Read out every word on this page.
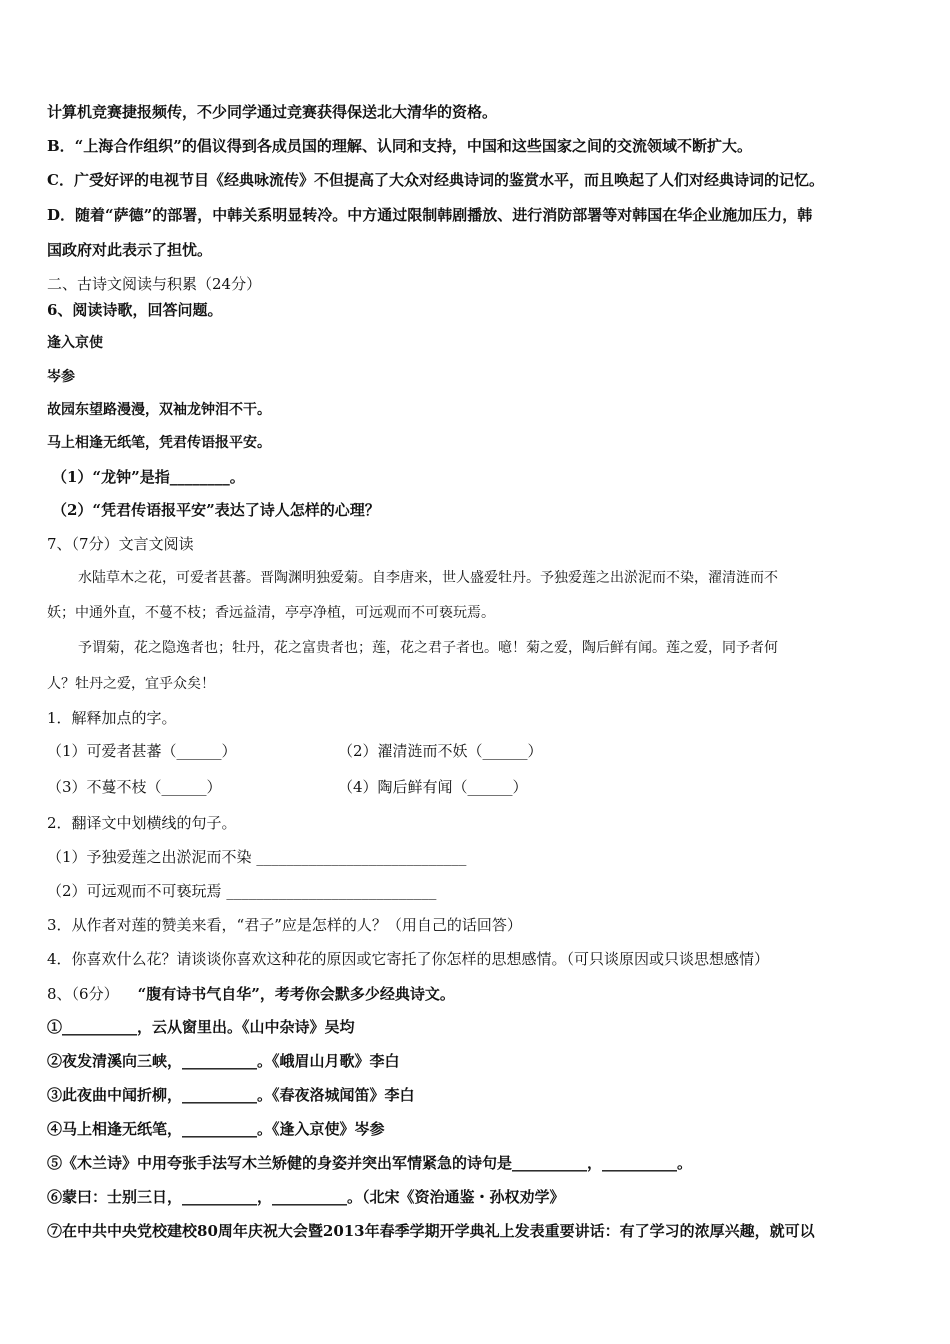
计算机竞赛捷报频传，不少同学通过竞赛获得保送北大清华的资格。
B．“上海合作组织”的倡议得到各成员国的理解、认同和支持，中国和这些国家之间的交流领域不断扩大。
C．广受好评的电视节目《经典咏流传》不但提高了大众对经典诗词的鉴赏水平，而且唤起了人们对经典诗词的记忆。
D．随着“萨德”的部署，中韩关系明显转冷。中方通过限制韩剧播放、进行消防部署等对韩国在华企业施加压力，韩
国政府对此表示了担忧。
二、古诗文阅读与积累（24分）
6、阅读诗歌，回答问题。
逢入京使
岑参
故园东望路漫漫，双袖龙钟泪不干。
马上相逢无纸笔，凭君传语报平安。
（1）“龙钟”是指________。
（2）“凭君传语报平安”表达了诗人怎样的心理？
7、（7分）文言文阅读
水陆草木之花，可爱者甚蕃。晋陶渊明独爱菊。自李唐来，世人盛爱牡丹。予独爱莲之出淤泥而不染，濯清涟而不
妖；中通外直，不蔓不枝；香远益清，亭亭净植，可远观而不可亵玩焉。
予谓菊，花之隐逸者也；牡丹，花之富贵者也；莲，花之君子者也。噫！菊之爱，陶后鲜有闻。莲之爱，同予者何
人？牡丹之爱，宜乎众矣！
1．解释加点的字。
（1）可爱者甚蕃（______）	（2）濯清涟而不妖（______）
（3）不蔓不枝（______）	（4）陶后鲜有闻（______）
2．翻译文中划横线的句子。
（1）予独爱莲之出淤泥而不染 ____________________________
（2）可远观而不可亵玩焉 ____________________________
3．从作者对莲的赞美来看，“君子”应是怎样的人？（用自己的话回答）
4．你喜欢什么花？请谈谈你喜欢这种花的原因或它寄托了你怎样的思想感情。（可只谈原因或只谈思想感情）
8、（6分） “腹有诗书气自华”，考考你会默多少经典诗文。
①__________，云从窗里出。《山中杂诗》吴均
②夜发清溪向三峡，__________。《峨眉山月歌》李白
③此夜曲中闻折柳，__________。《春夜洛城闻笛》李白
④马上相逢无纸笔，__________。《逢入京使》岑参
⑤《木兰诗》中用夸张手法写木兰矫健的身姿并突出军情紧急的诗句是__________，__________。
⑥蒙曰：士别三日，__________，__________。（北宋《资治通鉴・孙权劝学》
⑦在中共中央党校建校80周年庆祝大会暨2013年春季学期开学典礼上发表重要讲话：有了学习的浓厚兴趣，就可以
